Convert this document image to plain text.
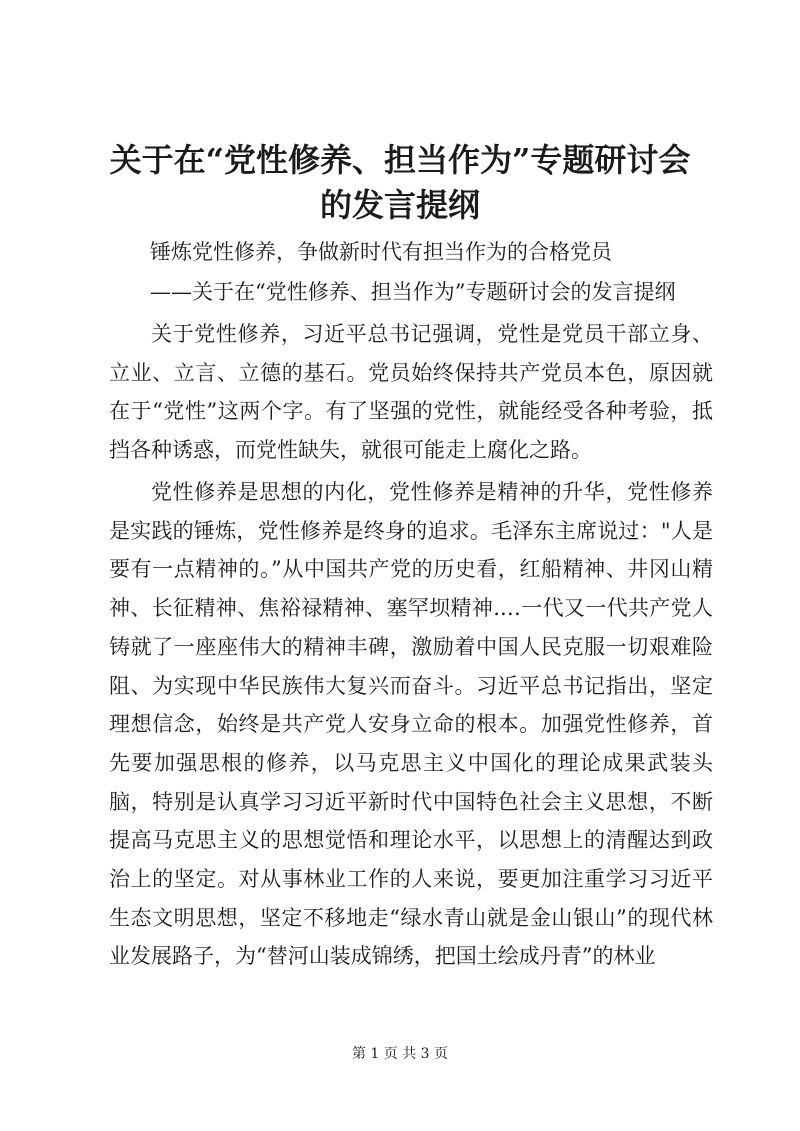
关于在“党性修养、担当作为”专题研讨会的发言提纲
锤炼党性修养，争做新时代有担当作为的合格党员
——关于在“党性修养、担当作为”专题研讨会的发言提纲

关于党性修养，习近平总书记强调，党性是党员干部立身、立业、立言、立德的基石。党员始终保持共产党员本色，原因就在于“党性”这两个字。有了坚强的党性，就能经受各种考验，抵挡各种诱惑，而党性缺失，就很可能走上腐化之路。

党性修养是思想的内化，党性修养是精神的升华，党性修养是实践的锤炼，党性修养是终身的追求。毛泽东主席说过："人是要有一点精神的。”从中国共产党的历史看，红船精神、井冈山精神、长征精神、焦裕禄精神、塞罕坝精神.…一代又一代共产党人铸就了一座座伟大的精神丰碑，激励着中国人民克服一切艰难险阻、为实现中华民族伟大复兴而奋斗。习近平总书记指出，坚定理想信念，始终是共产党人安身立命的根本。加强党性修养，首先要加强思根的修养，以马克思主义中国化的理论成果武装头脑，特别是认真学习习近平新时代中国特色社会主义思想，不断提高马克思主义的思想觉悟和理论水平，以思想上的清醒达到政治上的坚定。对从事林业工作的人来说，要更加注重学习习近平生态文明思想，坚定不移地走“绿水青山就是金山银山”的现代林业发展路子，为“替河山装成锦绣，把国土绘成丹青”的林业

第 1 页 共 3 页
